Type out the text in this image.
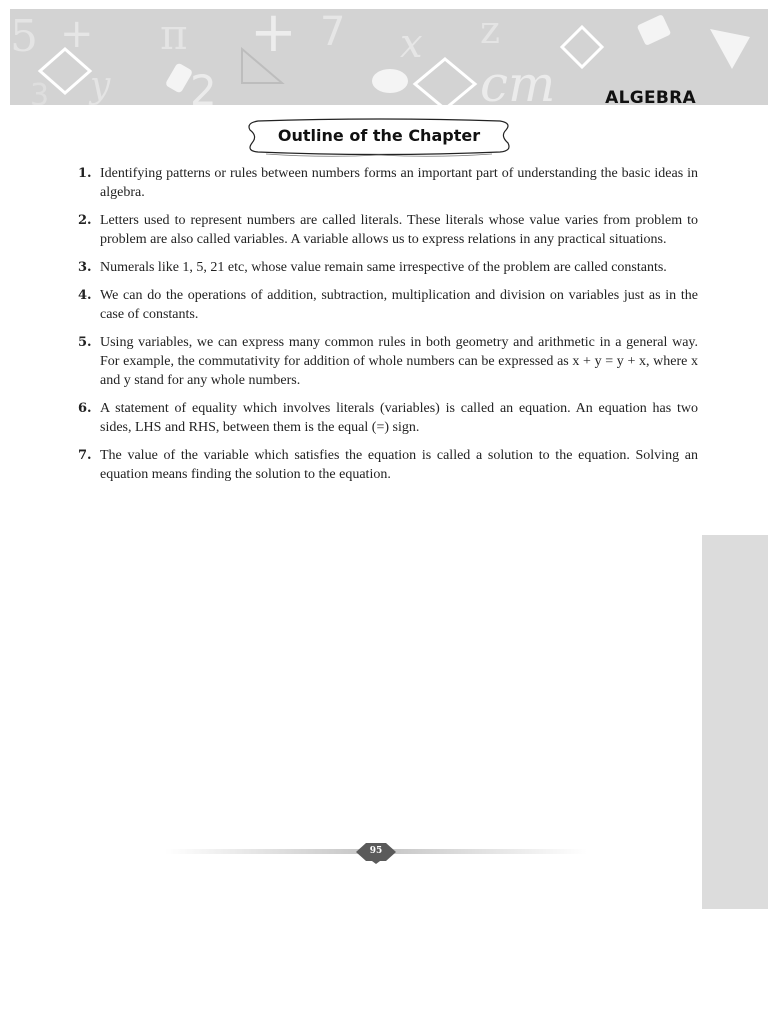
5 + π + 7 x z
y 2	cm
3	ALGEBRA
Outline of the Chapter
1. Identifying patterns or rules between numbers forms an important part of understanding the basic ideas in algebra.
2. Letters used to represent numbers are called literals. These literals whose value varies from problem to problem are also called variables. A variable allows us to express relations in any practical situations.
3. Numerals like 1, 5, 21 etc, whose value remain same irrespective of the problem are called constants.
4. We can do the operations of addition, subtraction, multiplication and division on variables just as in the case of constants.
5. Using variables, we can express many common rules in both geometry and arithmetic in a general way. For example, the commutativity for addition of whole numbers can be expressed as x + y = y + x, where x and y stand for any whole numbers.
6. A statement of equality which involves literals (variables) is called an equation. An equation has two sides, LHS and RHS, between them is the equal (=) sign.
7. The value of the variable which satisfies the equation is called a solution to the equation. Solving an equation means finding the solution to the equation.
95
